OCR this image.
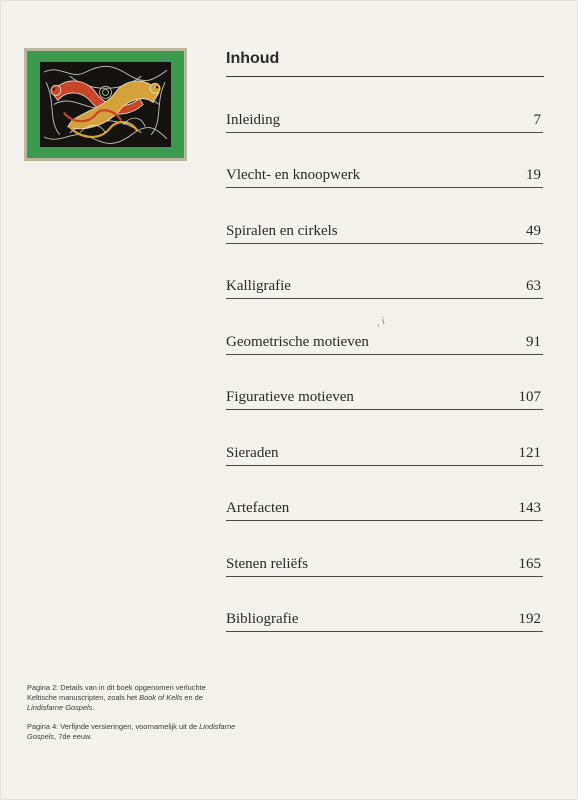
Inhoud
Inleiding	7
Vlecht- en knoopwerk	19
Spiralen en cirkels	49
Kalligrafie	63
Geometrische motieven	91
Figuratieve motieven	107
Sieraden	121
Artefacten	143
Stenen reliëfs	165
Bibliografie	192
, i

Pagina 2: Details van in dit boek opgenomen verluchte Keltische manuscripten, zoals het Book of Kells en de Lindisfarne Gospels.

Pagina 4: Verfijnde versieringen, voornamelijk uit de Lindisfarne Gospels, 7de eeuw.
